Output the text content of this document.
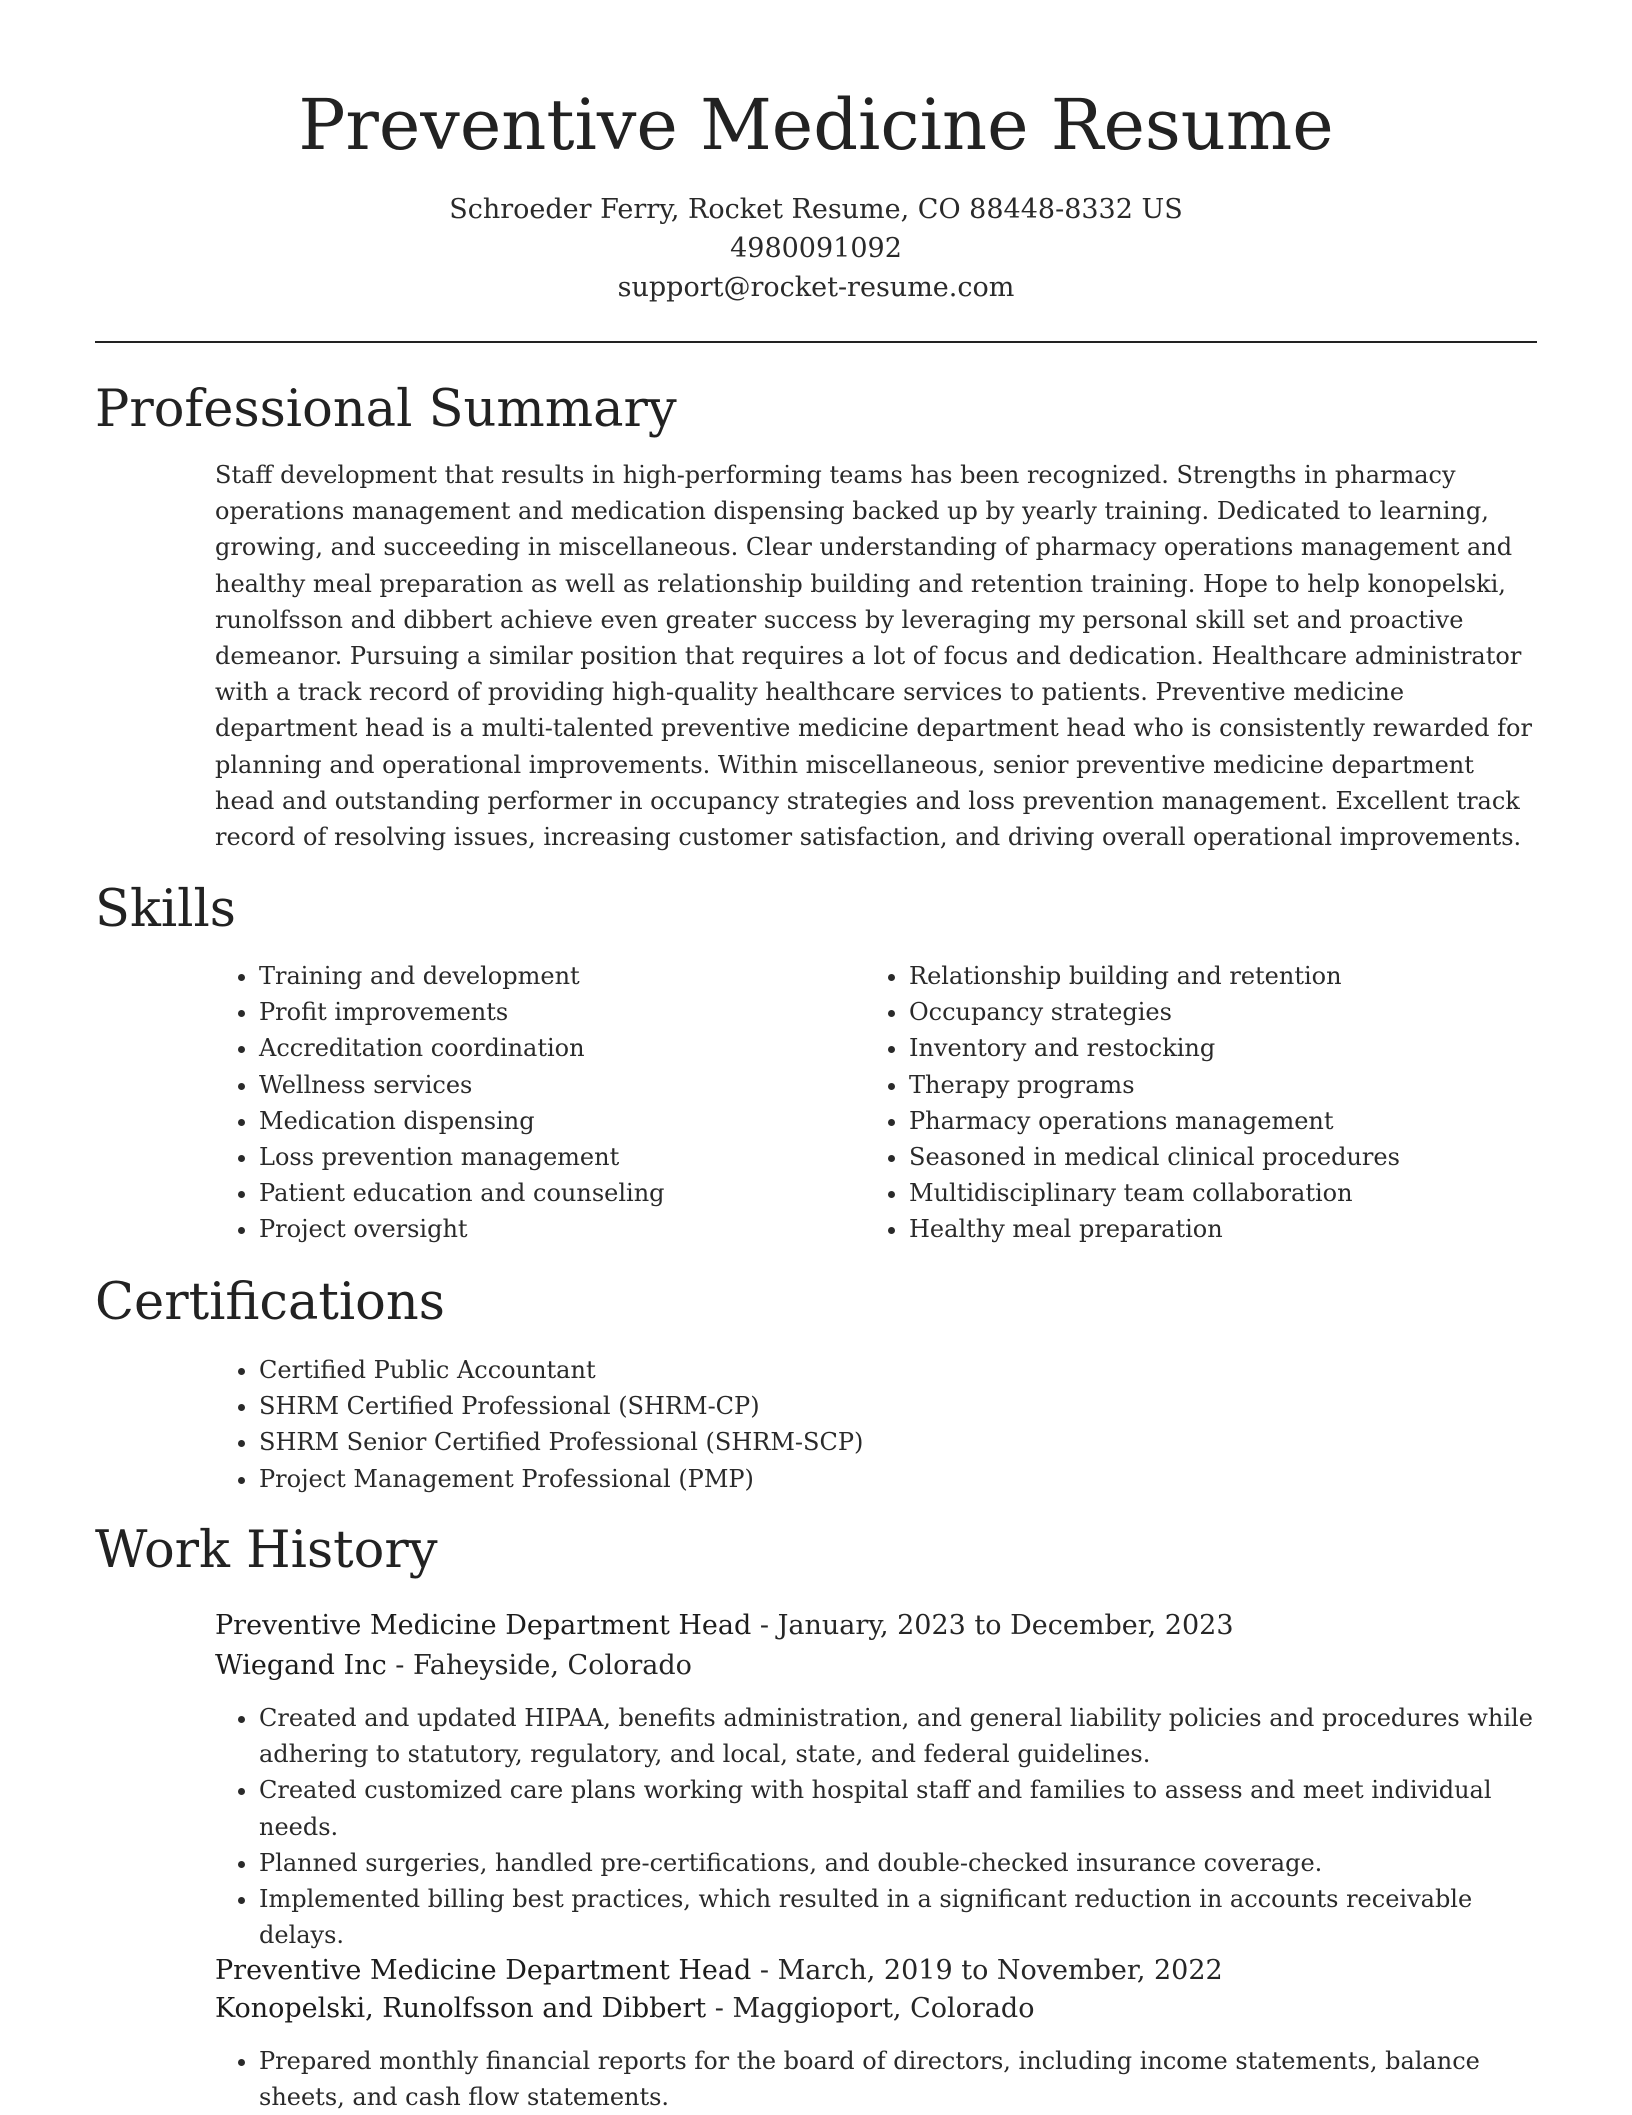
Preventive Medicine Resume
Schroeder Ferry, Rocket Resume, CO 88448-8332 US
4980091092
support@rocket-resume.com
Professional Summary
Staff development that results in high-performing teams has been recognized. Strengths in pharmacy operations management and medication dispensing backed up by yearly training. Dedicated to learning, growing, and succeeding in miscellaneous. Clear understanding of pharmacy operations management and healthy meal preparation as well as relationship building and retention training. Hope to help konopelski, runolfsson and dibbert achieve even greater success by leveraging my personal skill set and proactive demeanor. Pursuing a similar position that requires a lot of focus and dedication. Healthcare administrator with a track record of providing high-quality healthcare services to patients. Preventive medicine department head is a multi-talented preventive medicine department head who is consistently rewarded for planning and operational improvements. Within miscellaneous, senior preventive medicine department head and outstanding performer in occupancy strategies and loss prevention management. Excellent track record of resolving issues, increasing customer satisfaction, and driving overall operational improvements.
Skills
• Training and development
• Profit improvements
• Accreditation coordination
• Wellness services
• Medication dispensing
• Loss prevention management
• Patient education and counseling
• Project oversight
• Relationship building and retention
• Occupancy strategies
• Inventory and restocking
• Therapy programs
• Pharmacy operations management
• Seasoned in medical clinical procedures
• Multidisciplinary team collaboration
• Healthy meal preparation
Certifications
• Certified Public Accountant
• SHRM Certified Professional (SHRM-CP)
• SHRM Senior Certified Professional (SHRM-SCP)
• Project Management Professional (PMP)
Work History
Preventive Medicine Department Head - January, 2023 to December, 2023
Wiegand Inc - Faheyside, Colorado
• Created and updated HIPAA, benefits administration, and general liability policies and procedures while adhering to statutory, regulatory, and local, state, and federal guidelines.
• Created customized care plans working with hospital staff and families to assess and meet individual needs.
• Planned surgeries, handled pre-certifications, and double-checked insurance coverage.
• Implemented billing best practices, which resulted in a significant reduction in accounts receivable delays.
Preventive Medicine Department Head - March, 2019 to November, 2022
Konopelski, Runolfsson and Dibbert - Maggioport, Colorado
• Prepared monthly financial reports for the board of directors, including income statements, balance sheets, and cash flow statements.
